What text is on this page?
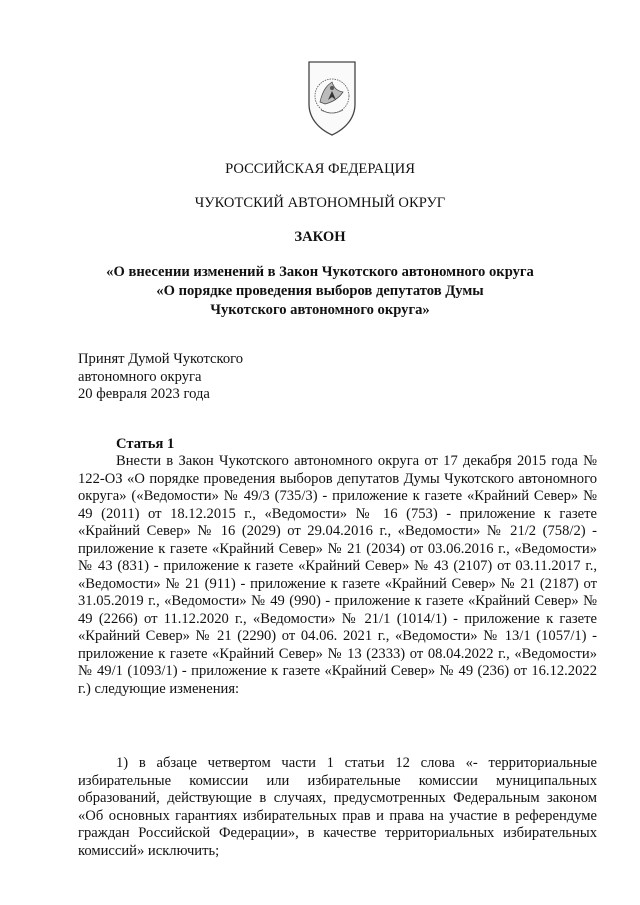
РОССИЙСКАЯ ФЕДЕРАЦИЯ
ЧУКОТСКИЙ АВТОНОМНЫЙ ОКРУГ
ЗАКОН
«О внесении изменений в Закон Чукотского автономного округа
«О порядке проведения выборов депутатов Думы
Чукотского автономного округа»
Принят Думой Чукотского
автономного округа
20 февраля 2023 года
Статья 1
Внести в Закон Чукотского автономного округа от 17 декабря 2015 года № 122-ОЗ «О порядке проведения выборов депутатов Думы Чукотского автономного округа» («Ведомости» № 49/3 (735/3) - приложение к газете «Крайний Север» № 49 (2011) от 18.12.2015 г., «Ведомости» № 16 (753) - приложение к газете «Крайний Север» № 16 (2029) от 29.04.2016 г., «Ведомости» № 21/2 (758/2) - приложение к газете «Крайний Север» № 21 (2034) от 03.06.2016 г., «Ведомости» № 43 (831) - приложение к газете «Крайний Север» № 43 (2107) от 03.11.2017 г., «Ведомости» № 21 (911) - приложение к газете «Крайний Север» № 21 (2187) от 31.05.2019 г., «Ведомости» № 49 (990) - приложение к газете «Крайний Север» № 49 (2266) от 11.12.2020 г., «Ведомости» № 21/1 (1014/1) - приложение к газете «Крайний Север» № 21 (2290) от 04.06. 2021 г., «Ведомости» № 13/1 (1057/1) - приложение к газете «Крайний Север» № 13 (2333) от 08.04.2022 г., «Ведомости» № 49/1 (1093/1) - приложение к газете «Крайний Север» № 49 (236) от 16.12.2022 г.) следующие изменения:
1) в абзаце четвертом части 1 статьи 12 слова «- территориальные избирательные комиссии или избирательные комиссии муниципальных образований, действующие в случаях, предусмотренных Федеральным законом «Об основных гарантиях избирательных прав и права на участие в референдуме граждан Российской Федерации», в качестве территориальных избирательных комиссий» исключить;
